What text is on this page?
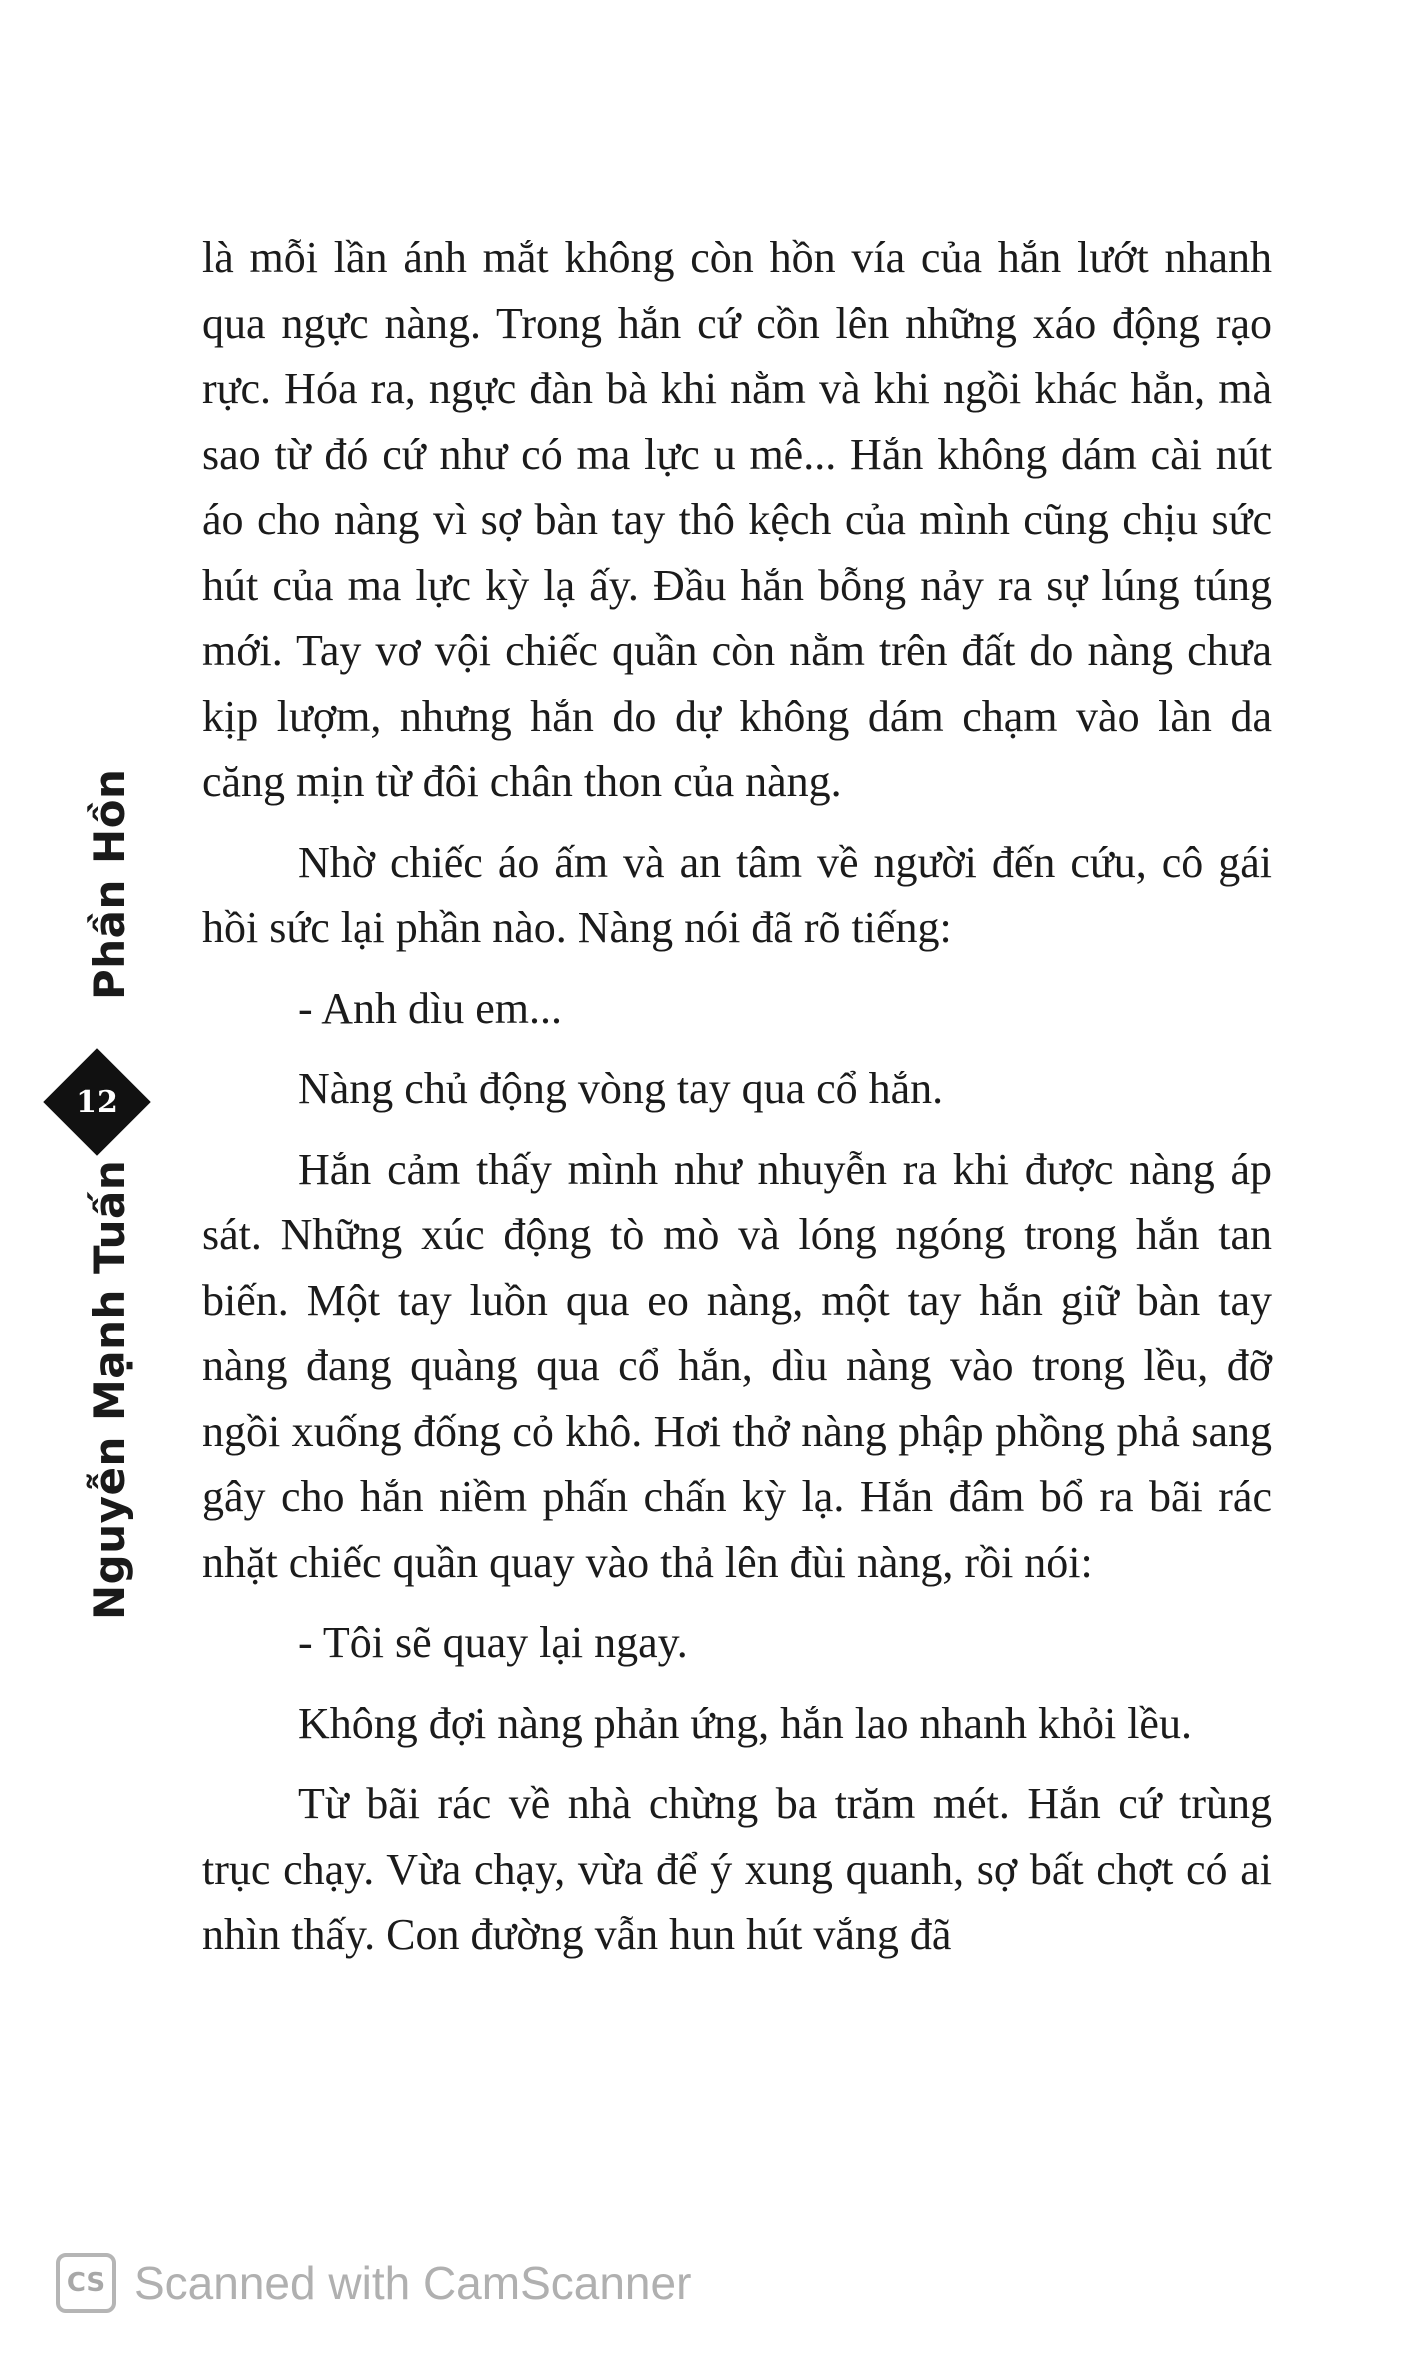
Phần Hồn
Nguyễn Mạnh Tuấn
12

là mỗi lần ánh mắt không còn hồn vía của hắn lướt nhanh qua ngực nàng. Trong hắn cứ cồn lên những xáo động rạo rực. Hóa ra, ngực đàn bà khi nằm và khi ngồi khác hẳn, mà sao từ đó cứ như có ma lực u mê... Hắn không dám cài nút áo cho nàng vì sợ bàn tay thô kệch của mình cũng chịu sức hút của ma lực kỳ lạ ấy. Đầu hắn bỗng nảy ra sự lúng túng mới. Tay vơ vội chiếc quần còn nằm trên đất do nàng chưa kịp lượm, nhưng hắn do dự không dám chạm vào làn da căng mịn từ đôi chân thon của nàng.

Nhờ chiếc áo ấm và an tâm về người đến cứu, cô gái hồi sức lại phần nào. Nàng nói đã rõ tiếng:

- Anh dìu em...

Nàng chủ động vòng tay qua cổ hắn.

Hắn cảm thấy mình như nhuyễn ra khi được nàng áp sát. Những xúc động tò mò và lóng ngóng trong hắn tan biến. Một tay luồn qua eo nàng, một tay hắn giữ bàn tay nàng đang quàng qua cổ hắn, dìu nàng vào trong lều, đỡ ngồi xuống đống cỏ khô. Hơi thở nàng phập phồng phả sang gây cho hắn niềm phấn chấn kỳ lạ. Hắn đâm bổ ra bãi rác nhặt chiếc quần quay vào thả lên đùi nàng, rồi nói:

- Tôi sẽ quay lại ngay.

Không đợi nàng phản ứng, hắn lao nhanh khỏi lều.

Từ bãi rác về nhà chừng ba trăm mét. Hắn cứ trùng trục chạy. Vừa chạy, vừa để ý xung quanh, sợ bất chợt có ai nhìn thấy. Con đường vẫn hun hút vắng đã

CS Scanned with CamScanner
